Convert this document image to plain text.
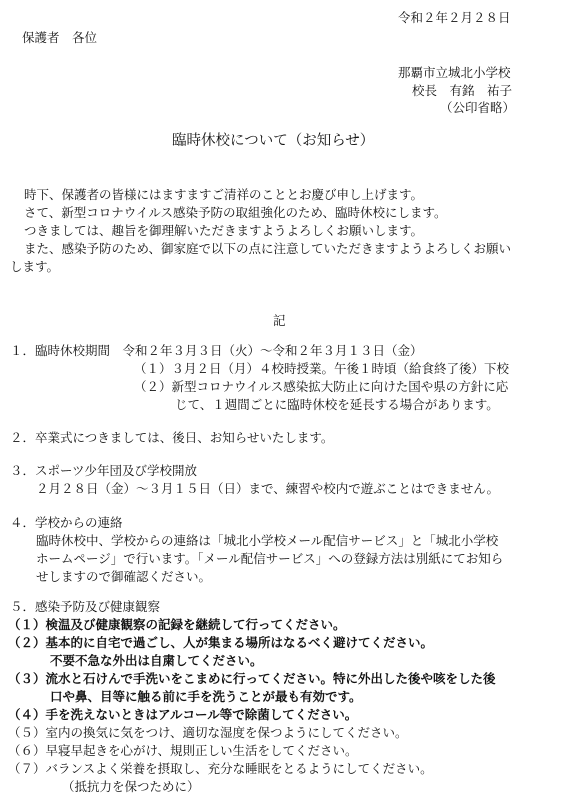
令和２年２月２８日
保護者　各位
那覇市立城北小学校
校長　有銘　祐子
（公印省略）
臨時休校について（お知らせ）
時下、保護者の皆様にはますますご清祥のこととお慶び申し上げます。
さて、新型コロナウイルス感染予防の取組強化のため、臨時休校にします。
つきましては、趣旨を御理解いただきますようよろしくお願いします。
また、感染予防のため、御家庭で以下の点に注意していただきますようよろしくお願い
します。
記
１．臨時休校期間　令和２年３月３日（火）～令和２年３月１３日（金）
（１）３月２日（月）４校時授業。午後１時頃（給食終了後）下校
（２）新型コロナウイルス感染拡大防止に向けた国や県の方針に応
じて、１週間ごとに臨時休校を延長する場合があります。
２．卒業式につきましては、後日、お知らせいたします。
３．スポーツ少年団及び学校開放
２月２８日（金）～３月１５日（日）まで、練習や校内で遊ぶことはできません。
４．学校からの連絡
臨時休校中、学校からの連絡は「城北小学校メール配信サービス」と「城北小学校
ホームページ」で行います。「メール配信サービス」への登録方法は別紙にてお知ら
せしますので御確認ください。
５．感染予防及び健康観察
（１）検温及び健康観察の記録を継続して行ってください。
（２）基本的に自宅で過ごし、人が集まる場所はなるべく避けてください。
不要不急な外出は自粛してください。
（３）流水と石けんで手洗いをこまめに行ってください。特に外出した後や咳をした後
口や鼻、目等に触る前に手を洗うことが最も有効です。
（４）手を洗えないときはアルコール等で除菌してください。
（５）室内の換気に気をつけ、適切な湿度を保つようにしてください。
（６）早寝早起きを心がけ、規則正しい生活をしてください。
（７）バランスよく栄養を摂取し、充分な睡眠をとるようにしてください。
（抵抗力を保つために）
